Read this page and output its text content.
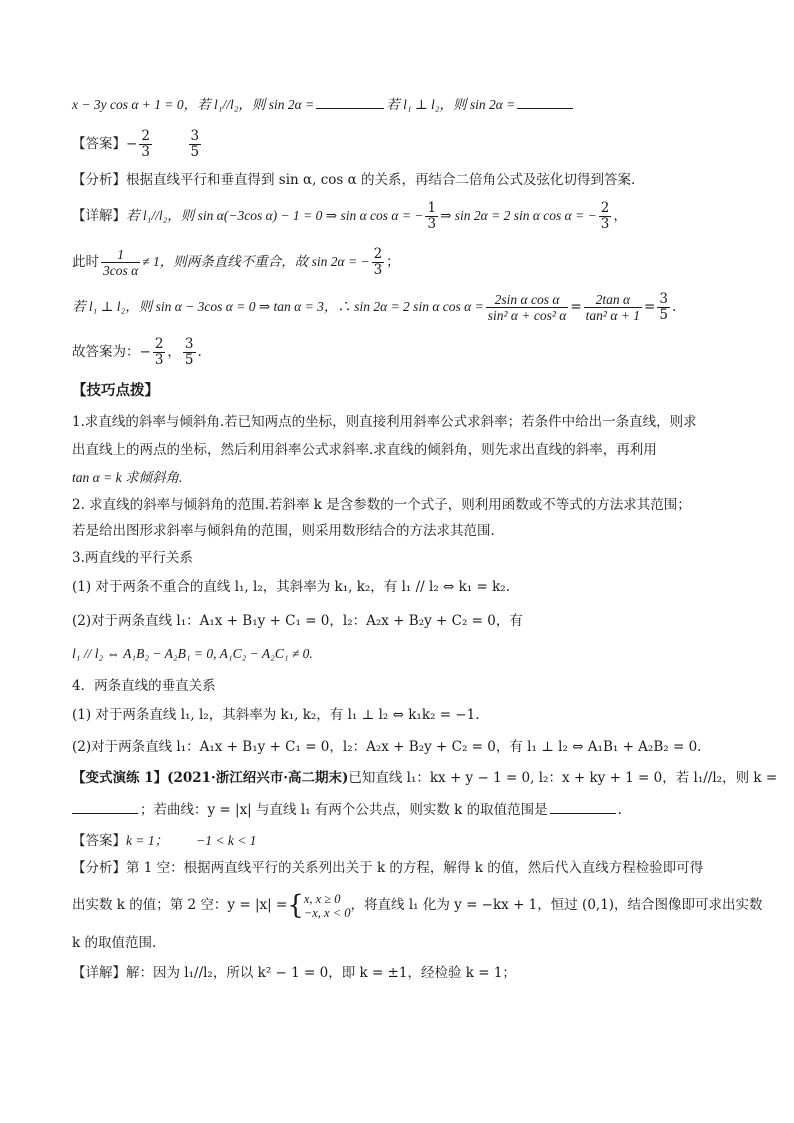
x − 3y cos α + 1 = 0，若 l₁//l₂，则 sin 2α =	若 l₁ ⊥ l₂，则 sin 2α =
【答案】− $\frac{2}{3}$
	$\frac{3}{5}$
【分析】根据直线平行和垂直得到 sin α, cos α 的关系，再结合二倍角公式及弦化切得到答案.
【详解】若 l₁//l₂，则 sin α(−3cos α) − 1 = 0 ⇒ sin α cos α = − $\frac{1}{3}$ ⇒ sin 2α = 2 sin α cos α = − $\frac{2}{3}$ ，
此时 $\frac{1}{\text{3cos α}} \ne 1$，则两条直线不重合，故 sin 2α = − $\frac{2}{3}$ ；
若 l₁ ⊥ l₂，则 sin α − 3cos α = 0 ⇒ tan α = 3，∴ sin 2α = 2 sin α $\cos \alpha = \frac{\text{2sin α cos α}}{\text{sin² α + cos² α}} = \frac{\text{2tan α}}{\text{tan² α + 1}} = \frac{3}{5}$ .
故答案为：− $\frac{2}{3}$ ， $\frac{3}{5}$ .
【技巧点拨】
1.求直线的斜率与倾斜角.若已知两点的坐标，则直接利用斜率公式求斜率；若条件中给出一条直线，则求
出直线上的两点的坐标，然后利用斜率公式求斜率.求直线的倾斜角，则先求出直线的斜率，再利用
tan α = k 求倾斜角.
2. 求直线的斜率与倾斜角的范围.若斜率 k 是含参数的一个式子，则利用函数或不等式的方法求其范围；
若是给出图形求斜率与倾斜角的范围，则采用数形结合的方法求其范围.
3.两直线的平行关系
(1) 对于两条不重合的直线 l₁, l₂，其斜率为 k₁, k₂，有 l₁ // l₂ ⇔ k₁ = k₂.
(2)对于两条直线 l₁：A₁x + B₁y + C₁ = 0，l₂：A₂x + B₂y + C₂ = 0，有
l₁ // l₂ ⇔ A₁B₂ − A₂B₁ = 0, A₁C₂ − A₂C₁ ≠ 0.
4．两条直线的垂直关系
(1) 对于两条直线 l₁, l₂，其斜率为 k₁, k₂，有 l₁ ⊥ l₂ ⇔ k₁k₂ = −1.
(2)对于两条直线 l₁：A₁x + B₁y + C₁ = 0，l₂：A₂x + B₂y + C₂ = 0，有 l₁ ⊥ l₂ ⇔ A₁B₁ + A₂B₂ = 0.
【变式演练 1】(2021·浙江绍兴市·高二期末)已知直线 l₁：kx + y − 1 = 0, l₂：x + ky + 1 = 0，若 l₁//l₂，则 k =
；若曲线：y = |x| 与直线 l₁ 有两个公共点，则实数 k 的取值范围是	.
【答案】k = 1； −1 < k < 1
【分析】第 1 空：根据两直线平行的关系列出关于 k 的方程，解得 k 的值，然后代入直线方程检验即可得
出实数 k 的值；第 2 空：y = |x| ={ x, x ≥ 0
−x, x < 0 ，将直线 l₁ 化为 y = −kx + 1，恒过 (0,1)，结合图像即可求出实数
k 的取值范围.
【详解】解：因为 l₁//l₂，所以 k² − 1 = 0，即 k = ±1，经检验 k = 1；
